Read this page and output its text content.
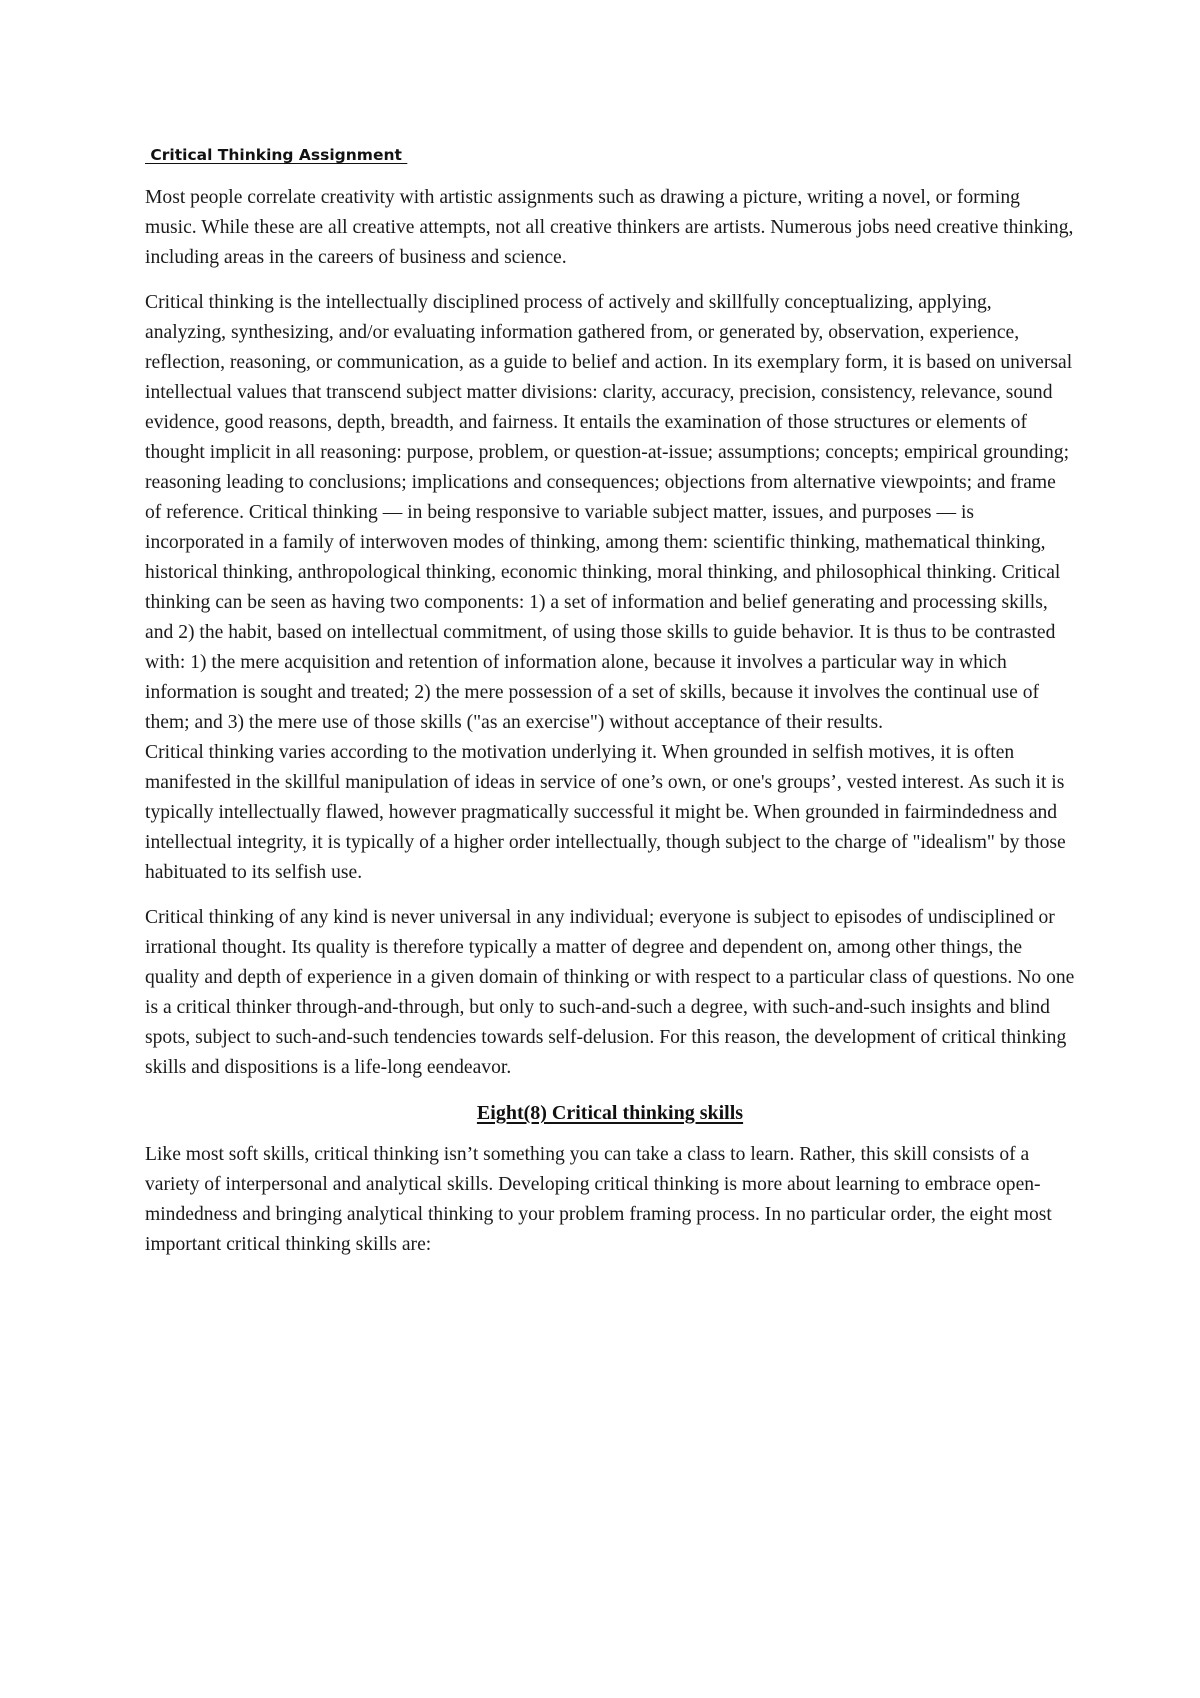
Critical Thinking Assignment

Most people correlate creativity with artistic assignments such as drawing a picture, writing a novel, or forming music. While these are all creative attempts, not all creative thinkers are artists. Numerous jobs need creative thinking, including areas in the careers of business and science.

Critical thinking is the intellectually disciplined process of actively and skillfully conceptualizing, applying, analyzing, synthesizing, and/or evaluating information gathered from, or generated by, observation, experience, reflection, reasoning, or communication, as a guide to belief and action. In its exemplary form, it is based on universal intellectual values that transcend subject matter divisions: clarity, accuracy, precision, consistency, relevance, sound evidence, good reasons, depth, breadth, and fairness. It entails the examination of those structures or elements of thought implicit in all reasoning: purpose, problem, or question-at-issue; assumptions; concepts; empirical grounding; reasoning leading to conclusions; implications and consequences; objections from alternative viewpoints; and frame of reference. Critical thinking — in being responsive to variable subject matter, issues, and purposes — is incorporated in a family of interwoven modes of thinking, among them: scientific thinking, mathematical thinking, historical thinking, anthropological thinking, economic thinking, moral thinking, and philosophical thinking. Critical thinking can be seen as having two components: 1) a set of information and belief generating and processing skills, and 2) the habit, based on intellectual commitment, of using those skills to guide behavior. It is thus to be contrasted with: 1) the mere acquisition and retention of information alone, because it involves a particular way in which information is sought and treated; 2) the mere possession of a set of skills, because it involves the continual use of them; and 3) the mere use of those skills ("as an exercise") without acceptance of their results.

Critical thinking varies according to the motivation underlying it. When grounded in selfish motives, it is often manifested in the skillful manipulation of ideas in service of one’s own, or one's groups’, vested interest. As such it is typically intellectually flawed, however pragmatically successful it might be. When grounded in fairmindedness and intellectual integrity, it is typically of a higher order intellectually, though subject to the charge of "idealism" by those habituated to its selfish use.

Critical thinking of any kind is never universal in any individual; everyone is subject to episodes of undisciplined or irrational thought. Its quality is therefore typically a matter of degree and dependent on, among other things, the quality and depth of experience in a given domain of thinking or with respect to a particular class of questions. No one is a critical thinker through-and-through, but only to such-and-such a degree, with such-and-such insights and blind spots, subject to such-and-such tendencies towards self-delusion. For this reason, the development of critical thinking skills and dispositions is a life-long eendeavor.

Eight(8) Critical thinking skills

Like most soft skills, critical thinking isn’t something you can take a class to learn. Rather, this skill consists of a variety of interpersonal and analytical skills. Developing critical thinking is more about learning to embrace open-mindedness and bringing analytical thinking to your problem framing process. In no particular order, the eight most important critical thinking skills are:
